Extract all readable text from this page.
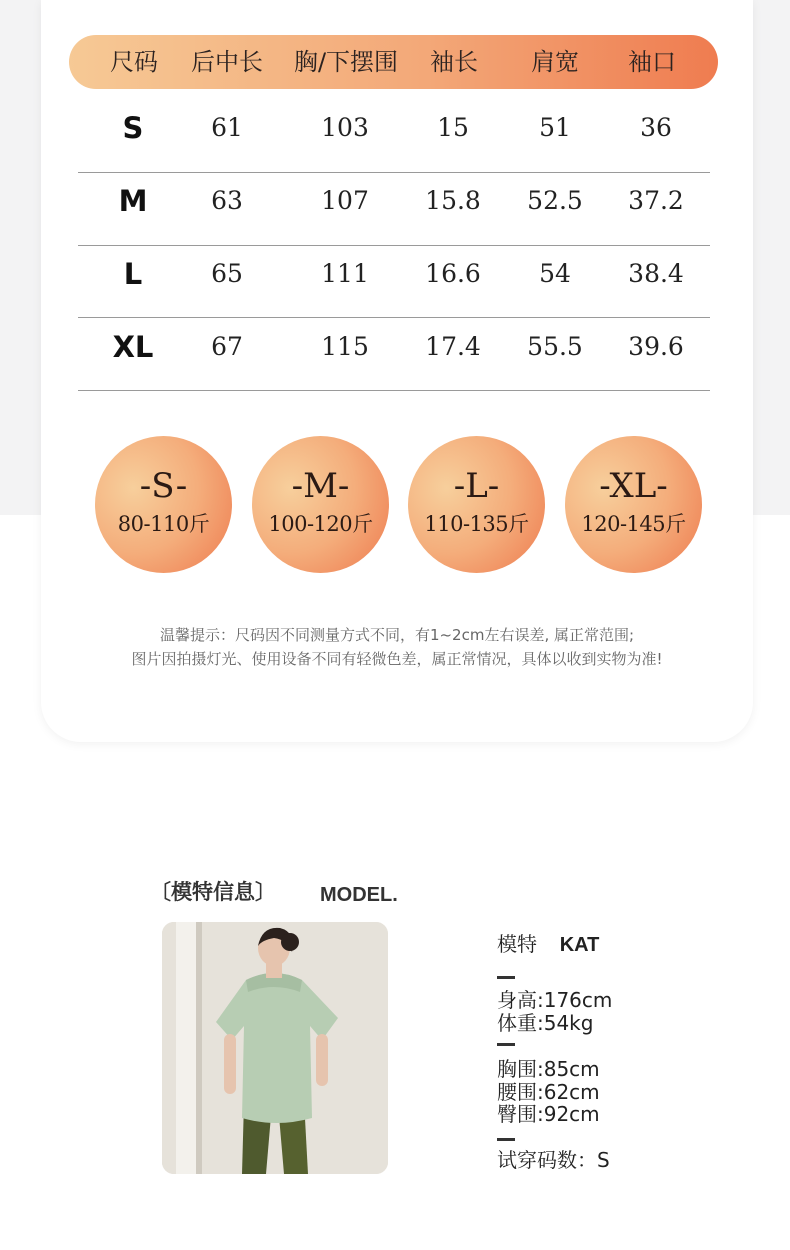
尺码 后中长 胸/下摆围 袖长 肩宽 袖口
S	61	103	15	51	36
M	63	107 15.8 52.5 37.2
L	65	111 16.6 54 38.4
XL 67	115 17.4 55.5 39.6
-S-
80-110斤
-M-
100-120斤
-L-
110-135斤
-XL-
120-145斤
温馨提示：尺码因不同测量方式不同，有1~2cm左右误差, 属正常范围;
图片因拍摄灯光、使用设备不同有轻微色差，属正常情况，具体以收到实物为准!
〔模特信息〕 MODEL.
模特 KAT
身高:176cm
体重:54kg
胸围:85cm
腰围:62cm
臀围:92cm
试穿码数：S
